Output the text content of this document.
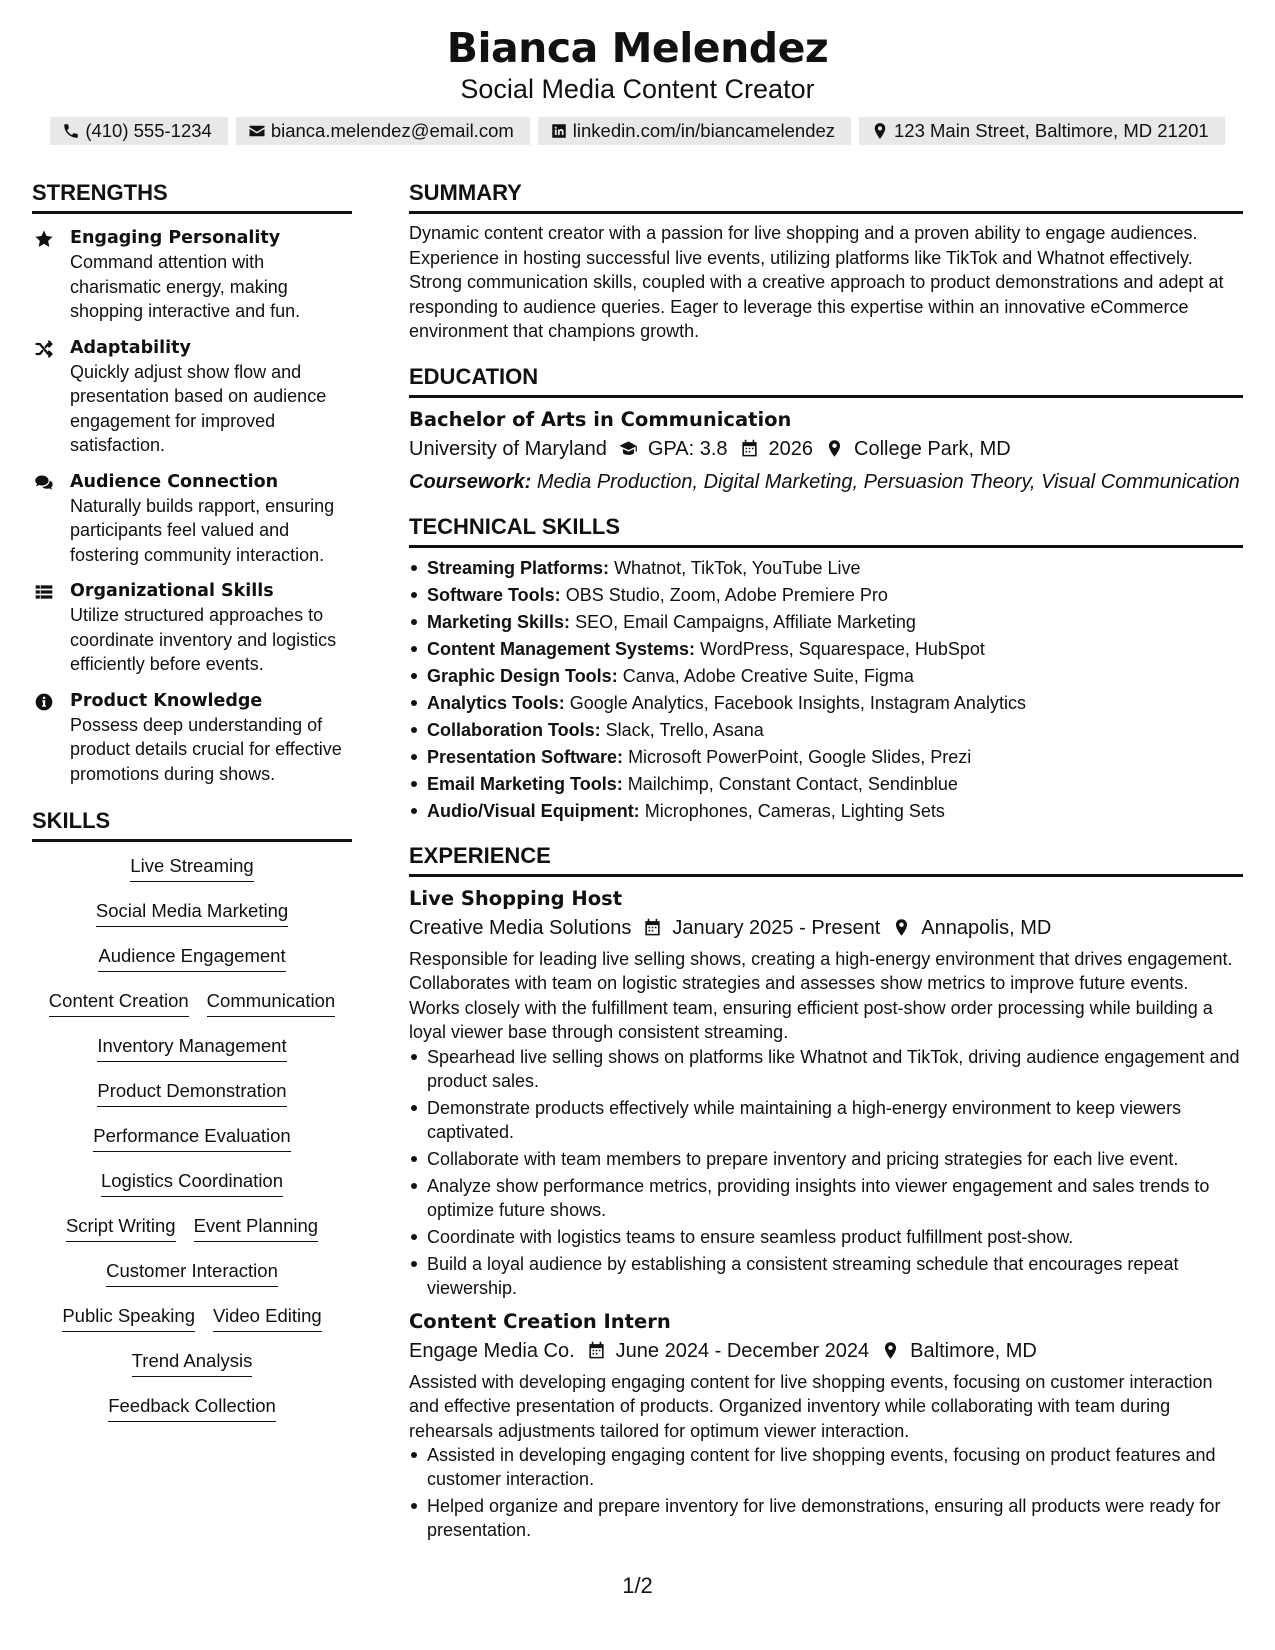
Bianca Melendez
Social Media Content Creator
(410) 555-1234	bianca.melendez@email.com	linkedin.com/in/biancamelendez	123 Main Street, Baltimore, MD 21201
STRENGTHS
Engaging Personality
Command attention with charismatic energy, making shopping interactive and fun.
Adaptability
Quickly adjust show flow and presentation based on audience engagement for improved satisfaction.
Audience Connection
Naturally builds rapport, ensuring participants feel valued and fostering community interaction.
Organizational Skills
Utilize structured approaches to coordinate inventory and logistics efficiently before events.
Product Knowledge
Possess deep understanding of product details crucial for effective promotions during shows.
SKILLS
Live Streaming
Social Media Marketing
Audience Engagement
Content Creation Communication
Inventory Management
Product Demonstration
Performance Evaluation
Logistics Coordination
Script Writing Event Planning
Customer Interaction
Public Speaking Video Editing
Trend Analysis
Feedback Collection
SUMMARY
Dynamic content creator with a passion for live shopping and a proven ability to engage audiences. Experience in hosting successful live events, utilizing platforms like TikTok and Whatnot effectively. Strong communication skills, coupled with a creative approach to product demonstrations and adept at responding to audience queries. Eager to leverage this expertise within an innovative eCommerce environment that champions growth.
EDUCATION
Bachelor of Arts in Communication
University of Maryland GPA: 3.8 2026 College Park, MD
Coursework: Media Production, Digital Marketing, Persuasion Theory, Visual Communication
TECHNICAL SKILLS
Streaming Platforms: Whatnot, TikTok, YouTube Live
Software Tools: OBS Studio, Zoom, Adobe Premiere Pro
Marketing Skills: SEO, Email Campaigns, Affiliate Marketing
Content Management Systems: WordPress, Squarespace, HubSpot
Graphic Design Tools: Canva, Adobe Creative Suite, Figma
Analytics Tools: Google Analytics, Facebook Insights, Instagram Analytics
Collaboration Tools: Slack, Trello, Asana
Presentation Software: Microsoft PowerPoint, Google Slides, Prezi
Email Marketing Tools: Mailchimp, Constant Contact, Sendinblue
Audio/Visual Equipment: Microphones, Cameras, Lighting Sets
EXPERIENCE
Live Shopping Host
Creative Media Solutions January 2025 - Present Annapolis, MD
Responsible for leading live selling shows, creating a high-energy environment that drives engagement. Collaborates with team on logistic strategies and assesses show metrics to improve future events. Works closely with the fulfillment team, ensuring efficient post-show order processing while building a loyal viewer base through consistent streaming.
Spearhead live selling shows on platforms like Whatnot and TikTok, driving audience engagement and product sales.
Demonstrate products effectively while maintaining a high-energy environment to keep viewers captivated.
Collaborate with team members to prepare inventory and pricing strategies for each live event.
Analyze show performance metrics, providing insights into viewer engagement and sales trends to optimize future shows.
Coordinate with logistics teams to ensure seamless product fulfillment post-show.
Build a loyal audience by establishing a consistent streaming schedule that encourages repeat viewership.
Content Creation Intern
Engage Media Co. June 2024 - December 2024 Baltimore, MD
Assisted with developing engaging content for live shopping events, focusing on customer interaction and effective presentation of products. Organized inventory while collaborating with team during rehearsals adjustments tailored for optimum viewer interaction.
Assisted in developing engaging content for live shopping events, focusing on product features and customer interaction.
Helped organize and prepare inventory for live demonstrations, ensuring all products were ready for presentation.
1/2
